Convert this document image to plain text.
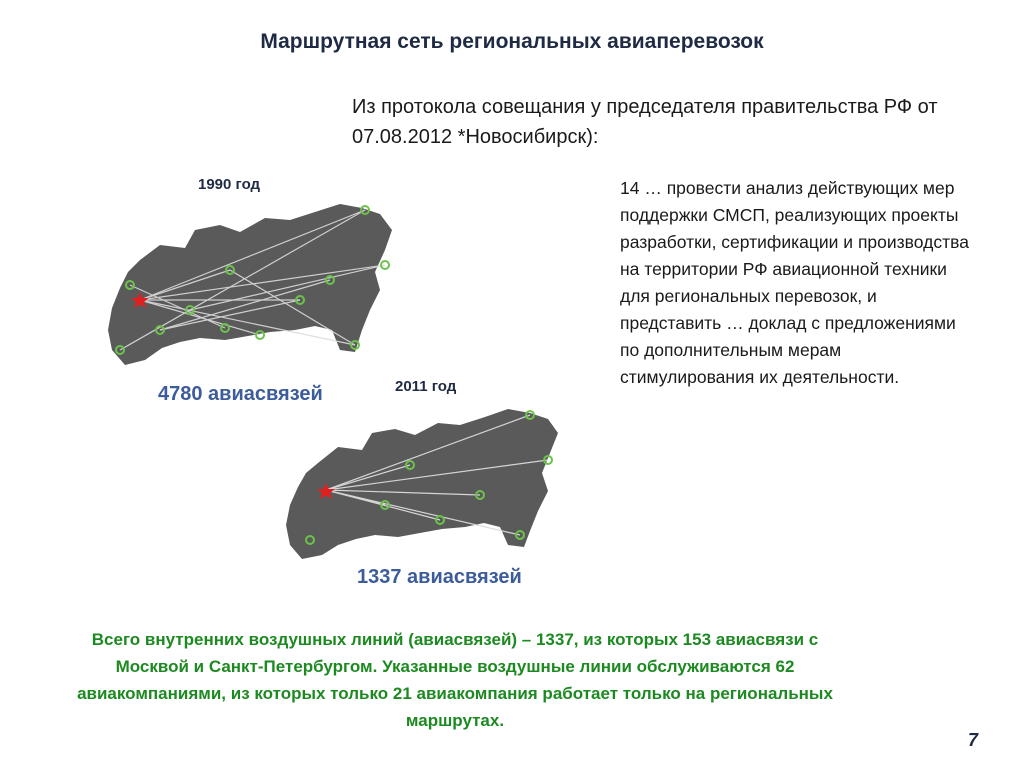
Маршрутная сеть региональных авиаперевозок
Из протокола совещания у председателя правительства РФ от 07.08.2012 *Новосибирск):
14 … провести анализ действующих мер поддержки СМСП, реализующих проекты разработки, сертификации и производства на территории РФ авиационной техники для региональных перевозок, и представить … доклад с предложениями по дополнительным мерам стимулирования их деятельности.
1990 год
4780 авиасвязей	2011 год
1337 авиасвязей
Всего внутренних воздушных линий (авиасвязей) – 1337, из которых 153 авиасвязи с Москвой и Санкт-Петербургом. Указанные воздушные линии обслуживаются 62 авиакомпаниями, из которых только 21 авиакомпания работает только на региональных маршрутах.
7
